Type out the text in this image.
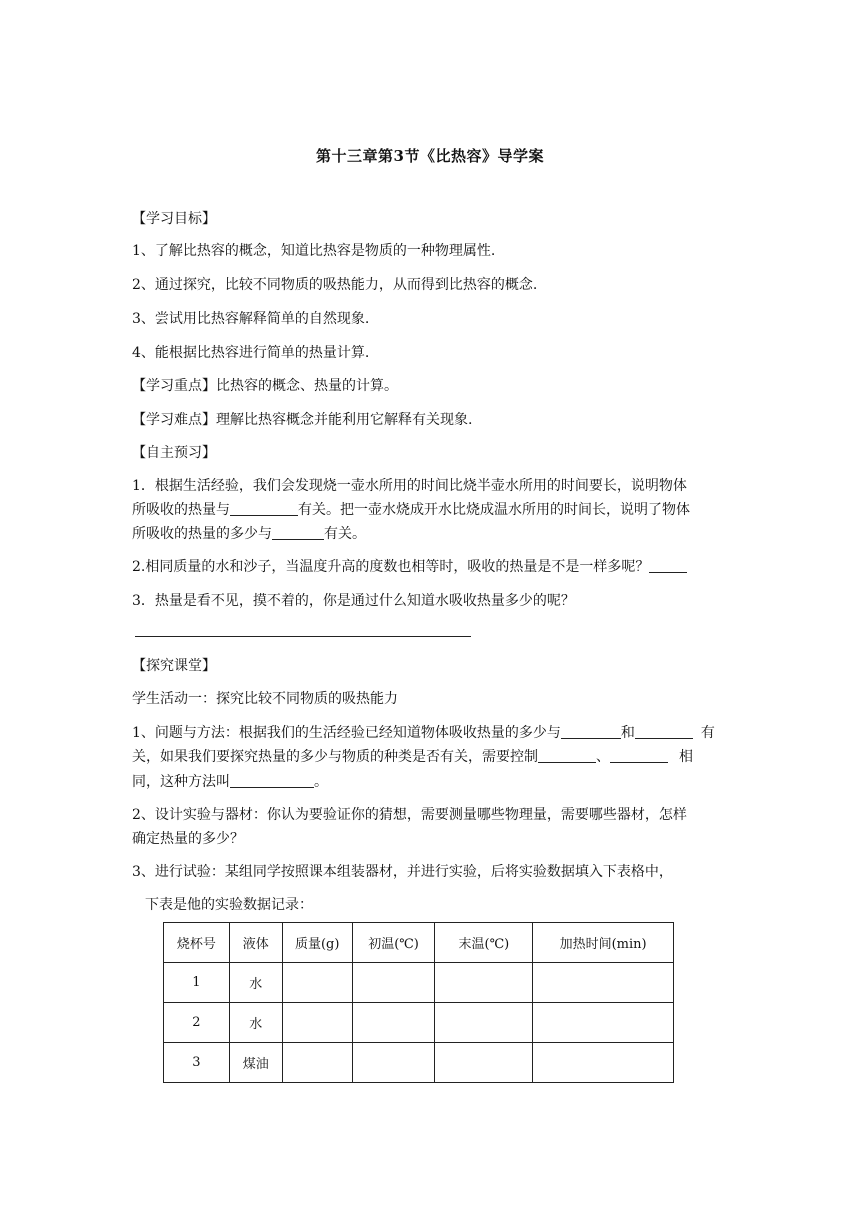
第十三章第3节《比热容》导学案
【学习目标】
1、了解比热容的概念，知道比热容是物质的一种物理属性.
2、通过探究，比较不同物质的吸热能力，从而得到比热容的概念.
3、尝试用比热容解释简单的自然现象.
4、能根据比热容进行简单的热量计算.
【学习重点】比热容的概念、热量的计算。
【学习难点】理解比热容概念并能利用它解释有关现象.
【自主预习】
1．根据生活经验，我们会发现烧一壶水所用的时间比烧半壶水所用的时间要长，说明物体
所吸收的热量与	有关。把一壶水烧成开水比烧成温水所用的时间长，说明了物体
所吸收的热量的多少与	有关。
2.相同质量的水和沙子，当温度升高的度数也相等时，吸收的热量是不是一样多呢？
3．热量是看不见，摸不着的，你是通过什么知道水吸收热量多少的呢？
【探究课堂】
学生活动一：探究比较不同物质的吸热能力
1、问题与方法：根据我们的生活经验已经知道物体吸收热量的多少与	和	有
关，如果我们要探究热量的多少与物质的种类是否有关，需要控制	、	相
同，这种方法叫	。
2、设计实验与器材：你认为要验证你的猜想，需要测量哪些物理量，需要哪些器材，怎样
确定热量的多少？
3、进行试验：某组同学按照课本组装器材，并进行实验，后将实验数据填入下表格中，
下表是他的实验数据记录：
烧杯号	液体	质量(g)	初温(℃)	末温(℃)	加热时间(min)
1	水				
2	水				
3	煤油				
